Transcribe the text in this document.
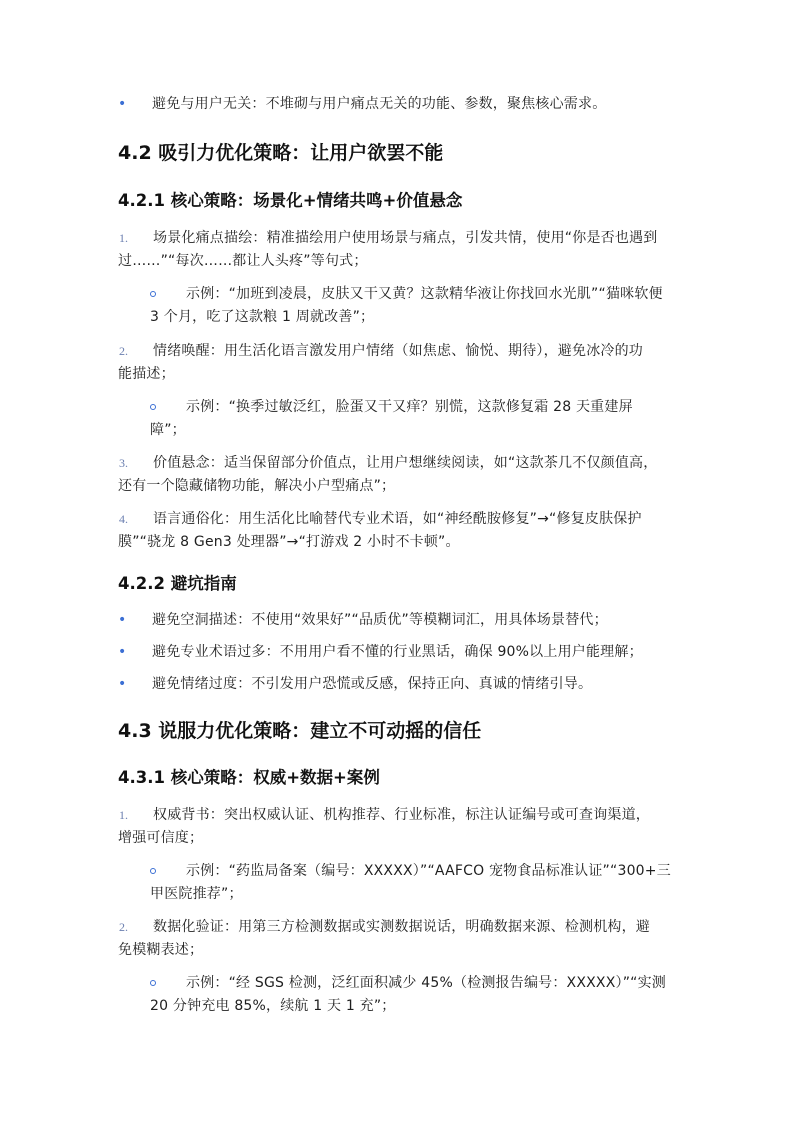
• 避免与用户无关：不堆砌与用户痛点无关的功能、参数，聚焦核心需求。
4.2 吸引力优化策略：让用户欲罢不能
4.2.1 核心策略：场景化+情绪共鸣+价值悬念
1. 场景化痛点描绘：精准描绘用户使用场景与痛点，引发共情，使用“你是否也遇到
过……”“每次……都让人头疼”等句式；
示例：“加班到凌晨，皮肤又干又黄？这款精华液让你找回水光肌”“猫咪软便
3 个月，吃了这款粮 1 周就改善”；
2. 情绪唤醒：用生活化语言激发用户情绪（如焦虑、愉悦、期待），避免冰冷的功
能描述；
示例：“换季过敏泛红，脸蛋又干又痒？别慌，这款修复霜 28 天重建屏
障”；
3. 价值悬念：适当保留部分价值点，让用户想继续阅读，如“这款茶几不仅颜值高，
还有一个隐藏储物功能，解决小户型痛点”；
4. 语言通俗化：用生活化比喻替代专业术语，如“神经酰胺修复”→“修复皮肤保护
膜”“骁龙 8 Gen3 处理器”→“打游戏 2 小时不卡顿”。
4.2.2 避坑指南
• 避免空洞描述：不使用“效果好”“品质优”等模糊词汇，用具体场景替代；
• 避免专业术语过多：不用用户看不懂的行业黑话，确保 90%以上用户能理解；
• 避免情绪过度：不引发用户恐慌或反感，保持正向、真诚的情绪引导。
4.3 说服力优化策略：建立不可动摇的信任
4.3.1 核心策略：权威+数据+案例
1. 权威背书：突出权威认证、机构推荐、行业标准，标注认证编号或可查询渠道，
增强可信度；
示例：“药监局备案（编号：XXXXX）”“AAFCO 宠物食品标准认证”“300+三
甲医院推荐”；
2. 数据化验证：用第三方检测数据或实测数据说话，明确数据来源、检测机构，避
免模糊表述；
示例：“经 SGS 检测，泛红面积减少 45%（检测报告编号：XXXXX）”“实测
20 分钟充电 85%，续航 1 天 1 充”；
